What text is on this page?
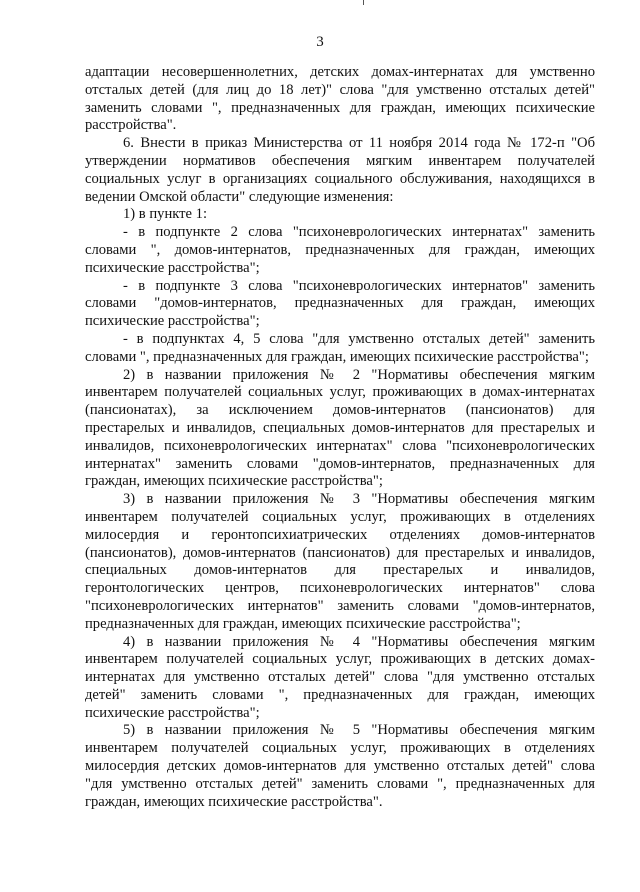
3

адаптации несовершеннолетних, детских домах-интернатах для умственно отсталых детей (для лиц до 18 лет)" слова "для умственно отсталых детей" заменить словами ", предназначенных для граждан, имеющих психические расстройства".

6. Внести в приказ Министерства от 11 ноября 2014 года № 172-п "Об утверждении нормативов обеспечения мягким инвентарем получателей социальных услуг в организациях социального обслуживания, находящихся в ведении Омской области" следующие изменения:

1) в пункте 1:

- в подпункте 2 слова "психоневрологических интернатах" заменить словами ", домов-интернатов, предназначенных для граждан, имеющих психические расстройства";

- в подпункте 3 слова "психоневрологических интернатов" заменить словами "домов-интернатов, предназначенных для граждан, имеющих психические расстройства";

- в подпунктах 4, 5 слова "для умственно отсталых детей" заменить словами ", предназначенных для граждан, имеющих психические расстройства";

2) в названии приложения № 2 "Нормативы обеспечения мягким инвентарем получателей социальных услуг, проживающих в домах-интернатах (пансионатах), за исключением домов-интернатов (пансионатов) для престарелых и инвалидов, специальных домов-интернатов для престарелых и инвалидов, психоневрологических интернатах" слова "психоневрологических интернатах" заменить словами "домов-интернатов, предназначенных для граждан, имеющих психические расстройства";

3) в названии приложения № 3 "Нормативы обеспечения мягким инвентарем получателей социальных услуг, проживающих в отделениях милосердия и геронтопсихиатрических отделениях домов-интернатов (пансионатов), домов-интернатов (пансионатов) для престарелых и инвалидов, специальных домов-интернатов для престарелых и инвалидов, геронтологических центров, психоневрологических интернатов" слова "психоневрологических интернатов" заменить словами "домов-интернатов, предназначенных для граждан, имеющих психические расстройства";

4) в названии приложения № 4 "Нормативы обеспечения мягким инвентарем получателей социальных услуг, проживающих в детских домах-интернатах для умственно отсталых детей" слова "для умственно отсталых детей" заменить словами ", предназначенных для граждан, имеющих психические расстройства";

5) в названии приложения № 5 "Нормативы обеспечения мягким инвентарем получателей социальных услуг, проживающих в отделениях милосердия детских домов-интернатов для умственно отсталых детей" слова "для умственно отсталых детей" заменить словами ", предназначенных для граждан, имеющих психические расстройства".
